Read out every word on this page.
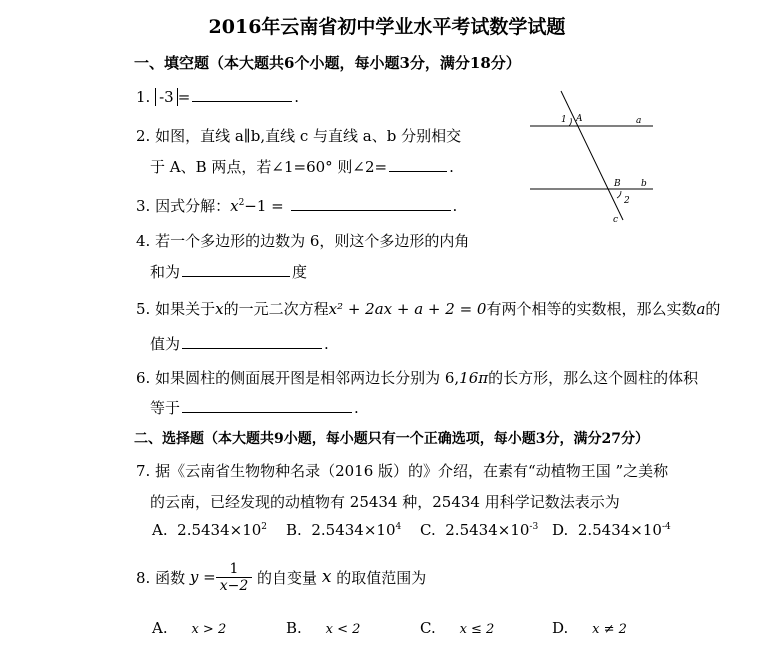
2016年云南省初中学业水平考试数学试题
一、填空题（本大题共6个小题，每小题3分，满分18分）
1. -3 =	.
2. 如图，直线 a∥b,直线 c 与直线 a、b 分别相交
于 A、B 两点，若∠1=60° 则∠2=	.
1 A	a
B b
2
c
3. 因式分解：$x^2-1$ =	.
4. 若一个多边形的边数为 6，则这个多边形的内角
和为	度
5. 如果关于x的一元二次方程x² + 2ax + a + 2 = 0有两个相等的实数根，那么实数a的
值为	.
6. 如果圆柱的侧面展开图是相邻两边长分别为 6,16π的长方形，那么这个圆柱的体积
等于	.
二、选择题（本大题共9小题，每小题只有一个正确选项，每小题3分，满分27分）
7. 据《云南省生物物种名录（2016 版）的》介绍，在素有“动植物王国 ”之美称
的云南，已经发现的动植物有 25434 种，25434 用科学记数法表示为
A. $2.5434\times 10^2$ B. $2.5434\times 10^4$ C. $2.5434\times 10^{-3}$ D. $2.5434\times 10^{-4}$
8. 函数
$y = \frac{1}{x-2}$
的自变量
x
的取值范围为
A. x > 2	B. x < 2	C. x ≤ 2	D. x ≠ 2
